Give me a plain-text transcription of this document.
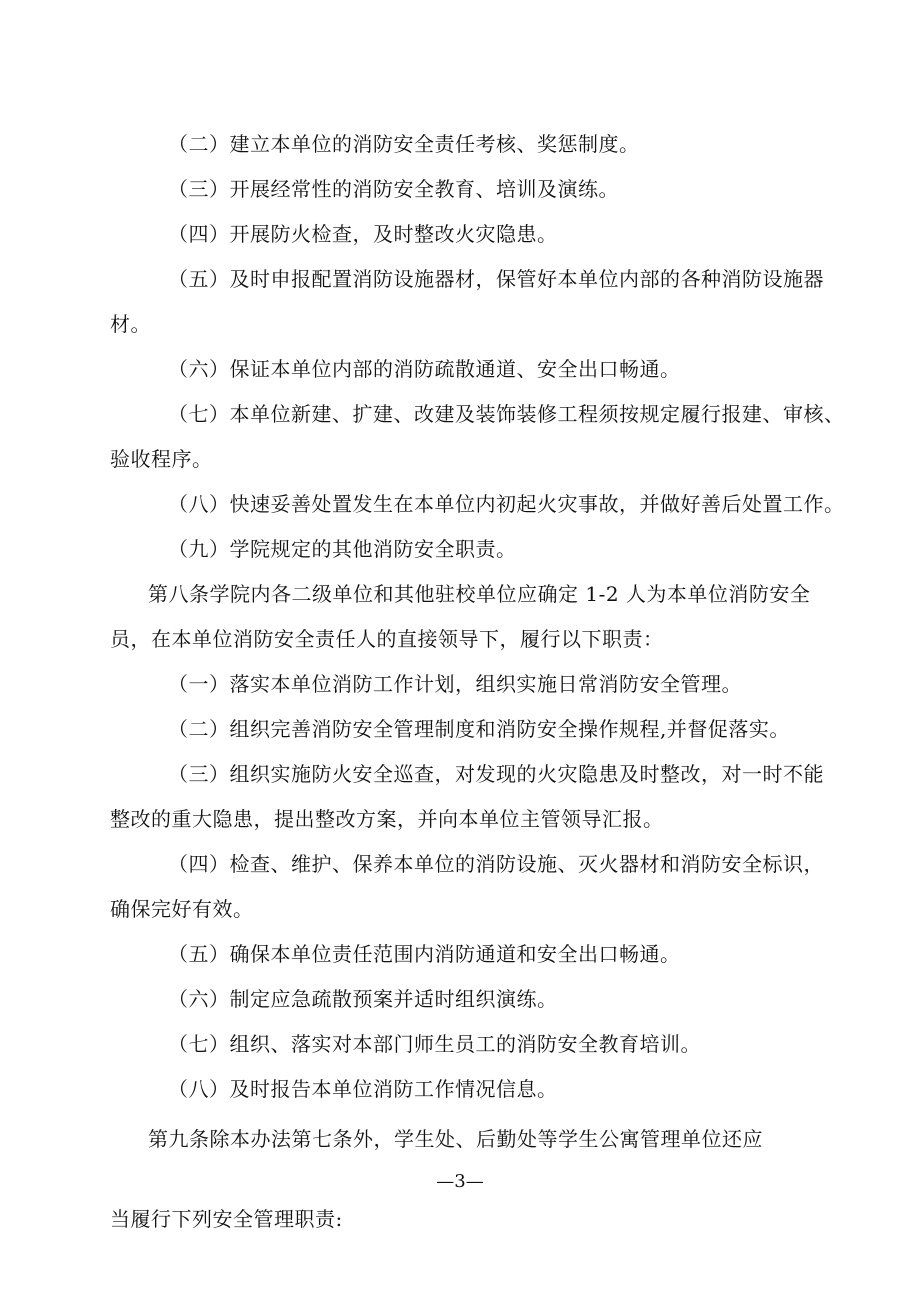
（二）建立本单位的消防安全责任考核、奖惩制度。
（三）开展经常性的消防安全教育、培训及演练。
（四）开展防火检查，及时整改火灾隐患。
（五）及时申报配置消防设施器材，保管好本单位内部的各种消防设施器
材。
（六）保证本单位内部的消防疏散通道、安全出口畅通。
（七）本单位新建、扩建、改建及装饰装修工程须按规定履行报建、审核、
验收程序。
（八）快速妥善处置发生在本单位内初起火灾事故，并做好善后处置工作。
（九）学院规定的其他消防安全职责。
第八条学院内各二级单位和其他驻校单位应确定 1-2 人为本单位消防安全
员，在本单位消防安全责任人的直接领导下，履行以下职责：
（一）落实本单位消防工作计划，组织实施日常消防安全管理。
（二）组织完善消防安全管理制度和消防安全操作规程,并督促落实。
（三）组织实施防火安全巡查，对发现的火灾隐患及时整改，对一时不能
整改的重大隐患，提出整改方案，并向本单位主管领导汇报。
（四）检查、维护、保养本单位的消防设施、灭火器材和消防安全标识，
确保完好有效。
（五）确保本单位责任范围内消防通道和安全出口畅通。
（六）制定应急疏散预案并适时组织演练。
（七）组织、落实对本部门师生员工的消防安全教育培训。
（八）及时报告本单位消防工作情况信息。
第九条除本办法第七条外，学生处、后勤处等学生公寓管理单位还应
—3—
当履行下列安全管理职责:
